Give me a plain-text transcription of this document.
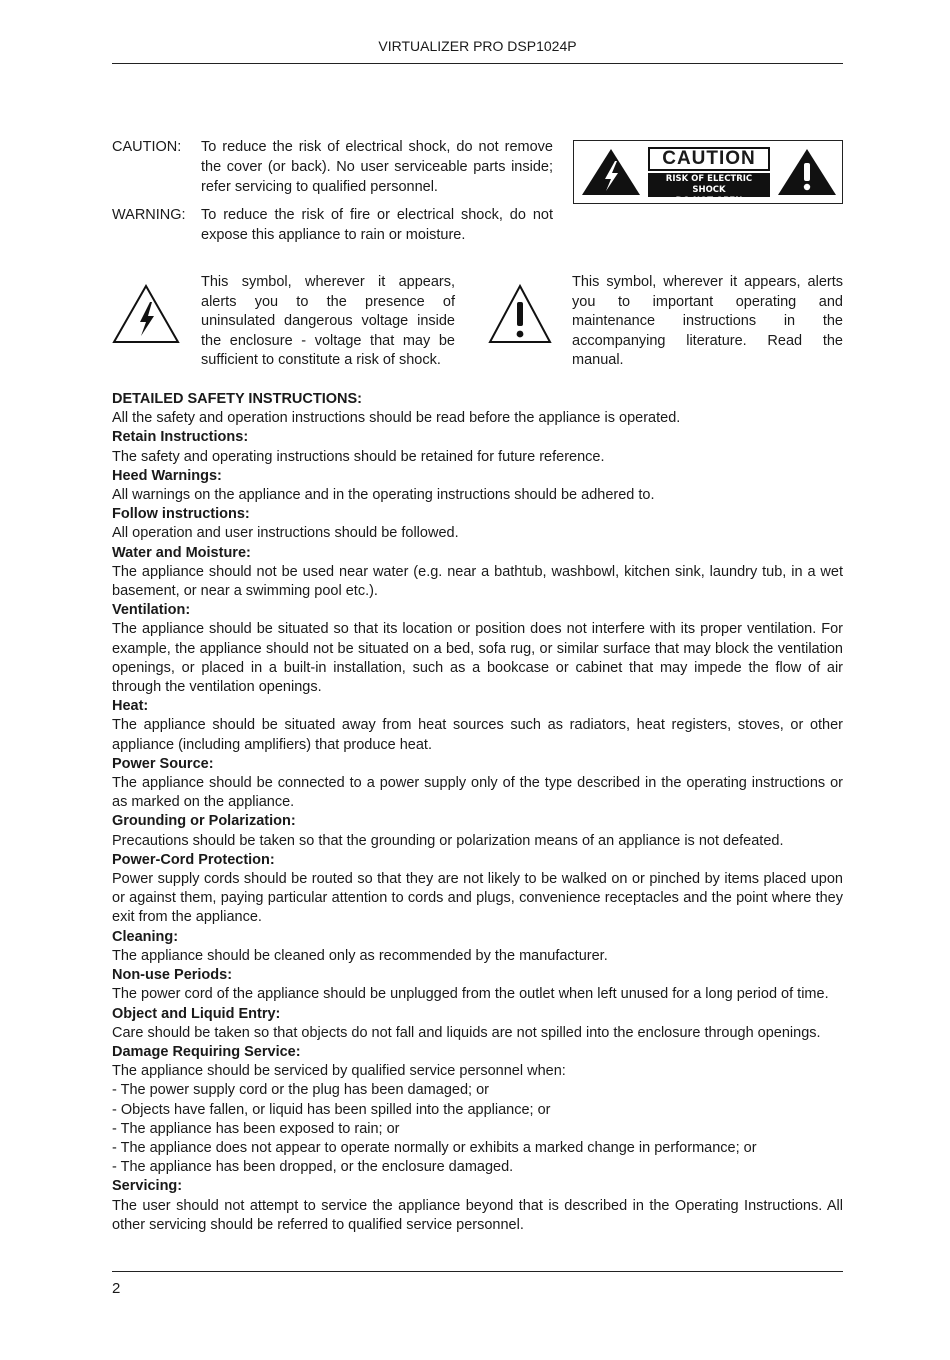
VIRTUALIZER PRO DSP1024P
CAUTION: To reduce the risk of electrical shock, do not remove the cover (or back). No user serviceable parts inside; refer servicing to qualified personnel.
WARNING: To reduce the risk of fire or electrical shock, do not expose this appliance to rain or moisture.
CAUTION
RISK OF ELECTRIC SHOCK
DO NOT OPEN
This symbol, wherever it appears, alerts you to the presence of uninsulated dangerous voltage inside the enclosure - voltage that may be sufficient to constitute a risk of shock.
This symbol, wherever it appears, alerts you to important operating and maintenance instructions in the accompanying literature. Read the manual.
DETAILED SAFETY INSTRUCTIONS:
All the safety and operation instructions should be read before the appliance is operated.
Retain Instructions:
The safety and operating instructions should be retained for future reference.
Heed Warnings:
All warnings on the appliance and in the operating instructions should be adhered to.
Follow instructions:
All operation and user instructions should be followed.
Water and Moisture:
The appliance should not be used near water (e.g. near a bathtub, washbowl, kitchen sink, laundry tub, in a wet basement, or near a swimming pool etc.).
Ventilation:
The appliance should be situated so that its location or position does not interfere with its proper ventilation. For example, the appliance should not be situated on a bed, sofa rug, or similar surface that may block the ventilation openings, or placed in a built-in installation, such as a bookcase or cabinet that may impede the flow of air through the ventilation openings.
Heat:
The appliance should be situated away from heat sources such as radiators, heat registers, stoves, or other appliance (including amplifiers) that produce heat.
Power Source:
The appliance should be connected to a power supply only of the type described in the operating instructions or as marked on the appliance.
Grounding or Polarization:
Precautions should be taken so that the grounding or polarization means of an appliance is not defeated.
Power-Cord Protection:
Power supply cords should be routed so that they are not likely to be walked on or pinched by items placed upon or against them, paying particular attention to cords and plugs, convenience receptacles and the point where they exit from the appliance.
Cleaning:
The appliance should be cleaned only as recommended by the manufacturer.
Non-use Periods:
The power cord of the appliance should be unplugged from the outlet when left unused for a long period of time.
Object and Liquid Entry:
Care should be taken so that objects do not fall and liquids are not spilled into the enclosure through openings.
Damage Requiring Service:
The appliance should be serviced by qualified service personnel when:
- The power supply cord or the plug has been damaged; or
- Objects have fallen, or liquid has been spilled into the appliance; or
- The appliance has been exposed to rain; or
- The appliance does not appear to operate normally or exhibits a marked change in performance; or
- The appliance has been dropped, or the enclosure damaged.
Servicing:
The user should not attempt to service the appliance beyond that is described in the Operating Instructions. All other servicing should be referred to qualified service personnel.
2
